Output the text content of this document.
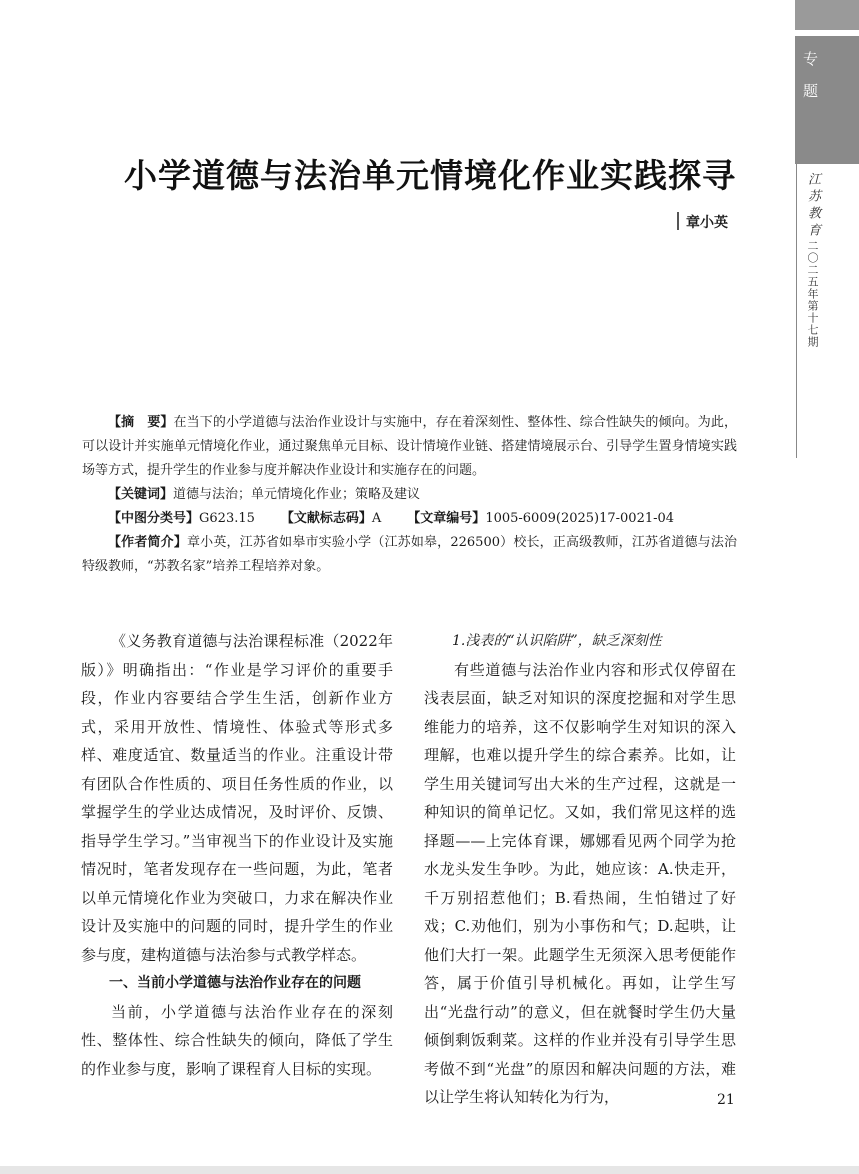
专
题
江苏教育二〇二五年第十七期
小学道德与法治单元情境化作业实践探寻
章小英

【摘　要】在当下的小学道德与法治作业设计与实施中，存在着深刻性、整体性、综合性缺失的倾向。为此，可以设计并实施单元情境化作业，通过聚焦单元目标、设计情境作业链、搭建情境展示台、引导学生置身情境实践场等方式，提升学生的作业参与度并解决作业设计和实施存在的问题。

【关键词】道德与法治；单元情境化作业；策略及建议

【中图分类号】G623.15 【文献标志码】A 【文章编号】1005-6009(2025)17-0021-04

【作者简介】章小英，江苏省如皋市实验小学（江苏如皋，226500）校长，正高级教师，江苏省道德与法治特级教师，“苏教名家”培养工程培养对象。

《义务教育道德与法治课程标准（2022年版）》明确指出：“作业是学习评价的重要手段，作业内容要结合学生生活，创新作业方式，采用开放性、情境性、体验式等形式多样、难度适宜、数量适当的作业。注重设计带有团队合作性质的、项目任务性质的作业，以掌握学生的学业达成情况，及时评价、反馈、指导学生学习。”当审视当下的作业设计及实施情况时，笔者发现存在一些问题，为此，笔者以单元情境化作业为突破口，力求在解决作业设计及实施中的问题的同时，提升学生的作业参与度，建构道德与法治参与式教学样态。

一、当前小学道德与法治作业存在的问题

当前，小学道德与法治作业存在的深刻性、整体性、综合性缺失的倾向，降低了学生的作业参与度，影响了课程育人目标的实现。

1.浅表的“认识陷阱”，缺乏深刻性

有些道德与法治作业内容和形式仅停留在浅表层面，缺乏对知识的深度挖掘和对学生思维能力的培养，这不仅影响学生对知识的深入理解，也难以提升学生的综合素养。比如，让学生用关键词写出大米的生产过程，这就是一种知识的简单记忆。又如，我们常见这样的选择题——上完体育课，娜娜看见两个同学为抢水龙头发生争吵。为此，她应该：A.快走开，千万别招惹他们；B.看热闹，生怕错过了好戏；C.劝他们，别为小事伤和气；D.起哄，让他们大打一架。此题学生无须深入思考便能作答，属于价值引导机械化。再如，让学生写出“光盘行动”的意义，但在就餐时学生仍大量倾倒剩饭剩菜。这样的作业并没有引导学生思考做不到“光盘”的原因和解决问题的方法，难以让学生将认知转化为行为，	21
